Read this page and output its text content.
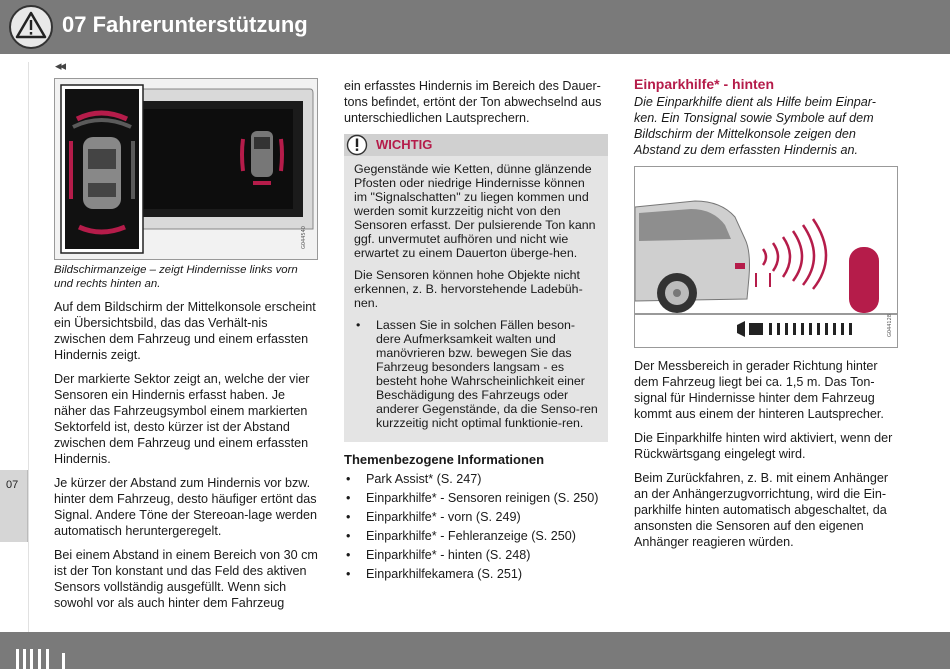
07 Fahrerunterstützung
◂◂
07
G044540
Bildschirmanzeige – zeigt Hindernisse links vorn und rechts hinten an.

Auf dem Bildschirm der Mittelkonsole erscheint ein Übersichtsbild, das das Verhält-nis zwischen dem Fahrzeug und einem erfassten Hindernis zeigt.

Der markierte Sektor zeigt an, welche der vier Sensoren ein Hindernis erfasst haben. Je näher das Fahrzeugsymbol einem markierten Sektorfeld ist, desto kürzer ist der Abstand zwischen dem Fahrzeug und einem erfassten Hindernis.

Je kürzer der Abstand zum Hindernis vor bzw. hinter dem Fahrzeug, desto häufiger ertönt das Signal. Andere Töne der Stereoan-lage werden automatisch heruntergeregelt.

Bei einem Abstand in einem Bereich von 30 cm ist der Ton konstant und das Feld des aktiven Sensors vollständig ausgefüllt. Wenn sich sowohl vor als auch hinter dem Fahrzeug

ein erfasstes Hindernis im Bereich des Dauer-tons befindet, ertönt der Ton abwechselnd aus unterschiedlichen Lautsprechern.

WICHTIG

Gegenstände wie Ketten, dünne glänzende Pfosten oder niedrige Hindernisse können im "Signalschatten" zu liegen kommen und werden somit kurzzeitig nicht von den Sensoren erfasst. Der pulsierende Ton kann ggf. unvermutet aufhören und nicht wie erwartet zu einem Dauerton überge-hen.

Die Sensoren können hohe Objekte nicht erkennen, z. B. hervorstehende Ladebüh-nen.

• Lassen Sie in solchen Fällen beson-dere Aufmerksamkeit walten und manövrieren bzw. bewegen Sie das Fahrzeug besonders langsam - es besteht hohe Wahrscheinlichkeit einer Beschädigung des Fahrzeugs oder anderer Gegenstände, da die Senso-ren kurzzeitig nicht optimal funktionie-ren.
Themenbezogene Informationen
• Park Assist* (S. 247)
• Einparkhilfe* - Sensoren reinigen (S. 250)
• Einparkhilfe* - vorn (S. 249)
• Einparkhilfe* - Fehleranzeige (S. 250)
• Einparkhilfe* - hinten (S. 248)
• Einparkhilfekamera (S. 251)
Einparkhilfe* - hinten

Die Einparkhilfe dient als Hilfe beim Einpar-ken. Ein Tonsignal sowie Symbole auf dem Bildschirm der Mittelkonsole zeigen den Abstand zu dem erfassten Hindernis an.

G044128

Der Messbereich in gerader Richtung hinter dem Fahrzeug liegt bei ca. 1,5 m. Das Ton-signal für Hindernisse hinter dem Fahrzeug kommt aus einem der hinteren Lautsprecher.

Die Einparkhilfe hinten wird aktiviert, wenn der Rückwärtsgang eingelegt wird.

Beim Zurückfahren, z. B. mit einem Anhänger an der Anhängerzugvorrichtung, wird die Ein-parkhilfe hinten automatisch abgeschaltet, da ansonsten die Sensoren auf den eigenen Anhänger reagieren würden.
